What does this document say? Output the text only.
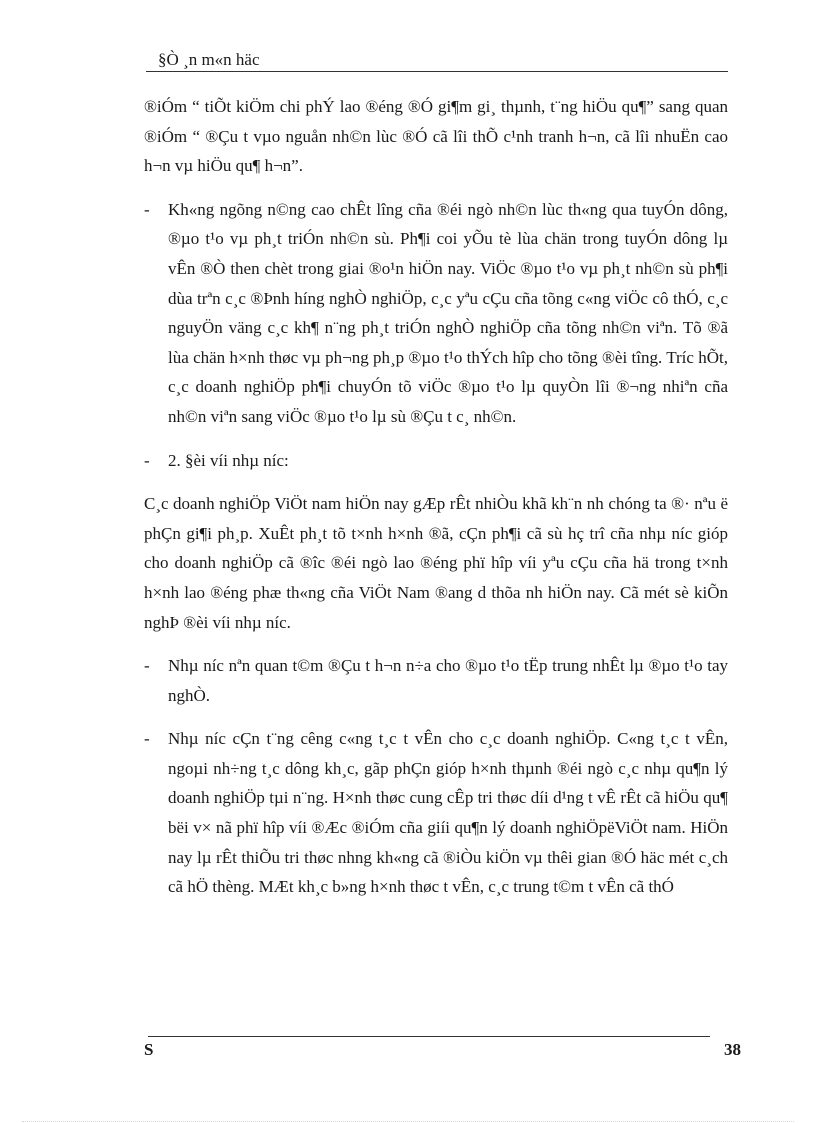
§Ò ¸n m«n häc

®iÓm “ tiÕt kiÖm chi phÝ lao ®éng ®Ó gi¶m gi¸ thµnh, t¨ng hiÖu qu¶” sang quan ®iÓm “ ®Çu t vµo nguån nh©n lùc ®Ó cã lîi thÕ c¹nh tranh h¬n, cã lîi nhuËn cao h¬n vµ hiÖu qu¶ h¬n”.

-	Kh«ng ngõng n©ng cao chÊt lîng cña ®éi ngò nh©n lùc th«ng qua tuyÓn dông, ®µo t¹o vµ ph¸t triÓn nh©n sù. Ph¶i coi yÕu tè lùa chän trong tuyÓn dông lµ vÊn ®Ò then chèt trong giai ®o¹n hiÖn nay. ViÖc ®µo t¹o vµ ph¸t nh©n sù ph¶i dùa trªn c¸c ®Þnh híng nghÒ nghiÖp, c¸c yªu cÇu cña tõng c«ng viÖc cô thÓ, c¸c nguyÖn väng c¸c kh¶ n¨ng ph¸t triÓn nghÒ nghiÖp cña tõng nh©n viªn. Tõ ®ã lùa chän h×nh thøc vµ ph¬ng ph¸p ®µo t¹o thÝch hîp cho tõng ®èi tîng. Tríc hÕt, c¸c doanh nghiÖp ph¶i chuyÓn tõ viÖc ®µo t¹o lµ quyÒn lîi ®¬ng nhiªn cña nh©n viªn sang viÖc ®µo t¹o lµ sù ®Çu t c¸ nh©n.
-	2. §èi víi nhµ níc:

C¸c doanh nghiÖp ViÖt nam hiÖn nay gÆp rÊt nhiÒu khã kh¨n nh chóng ta ®· nªu ë phÇn gi¶i ph¸p. XuÊt ph¸t tõ t×nh h×nh ®ã, cÇn ph¶i cã sù hç trî cña nhµ níc gióp cho doanh nghiÖp cã ®îc ®éi ngò lao ®éng phï hîp víi yªu cÇu cña hä trong t×nh h×nh lao ®éng phæ th«ng cña ViÖt Nam ®ang d thõa nh hiÖn nay. Cã mét sè kiÕn nghÞ ®èi víi nhµ níc.

-	Nhµ níc nªn quan t©m ®Çu t h¬n n÷a cho ®µo t¹o tËp trung nhÊt lµ ®µo t¹o tay nghÒ.
-	Nhµ níc cÇn t¨ng cêng c«ng t¸c t vÊn cho c¸c doanh nghiÖp. C«ng t¸c t vÊn, ngoµi nh÷ng t¸c dông kh¸c, gãp phÇn gióp h×nh thµnh ®éi ngò c¸c nhµ qu¶n lý doanh nghiÖp tµi n¨ng. H×nh thøc cung cÊp tri thøc díi d¹ng t vÊ rÊt cã hiÖu qu¶ bëi v× nã phï hîp víi ®Æc ®iÓm cña giíi qu¶n lý doanh nghiÖpëViÖt nam. HiÖn nay lµ rÊt thiÕu tri thøc nhng kh«ng cã ®iÒu kiÖn vµ thêi gian ®Ó häc mét c¸ch cã hÖ thèng. MÆt kh¸c b»ng h×nh thøc t vÊn, c¸c trung t©m t vÊn cã thÓ
S	38
